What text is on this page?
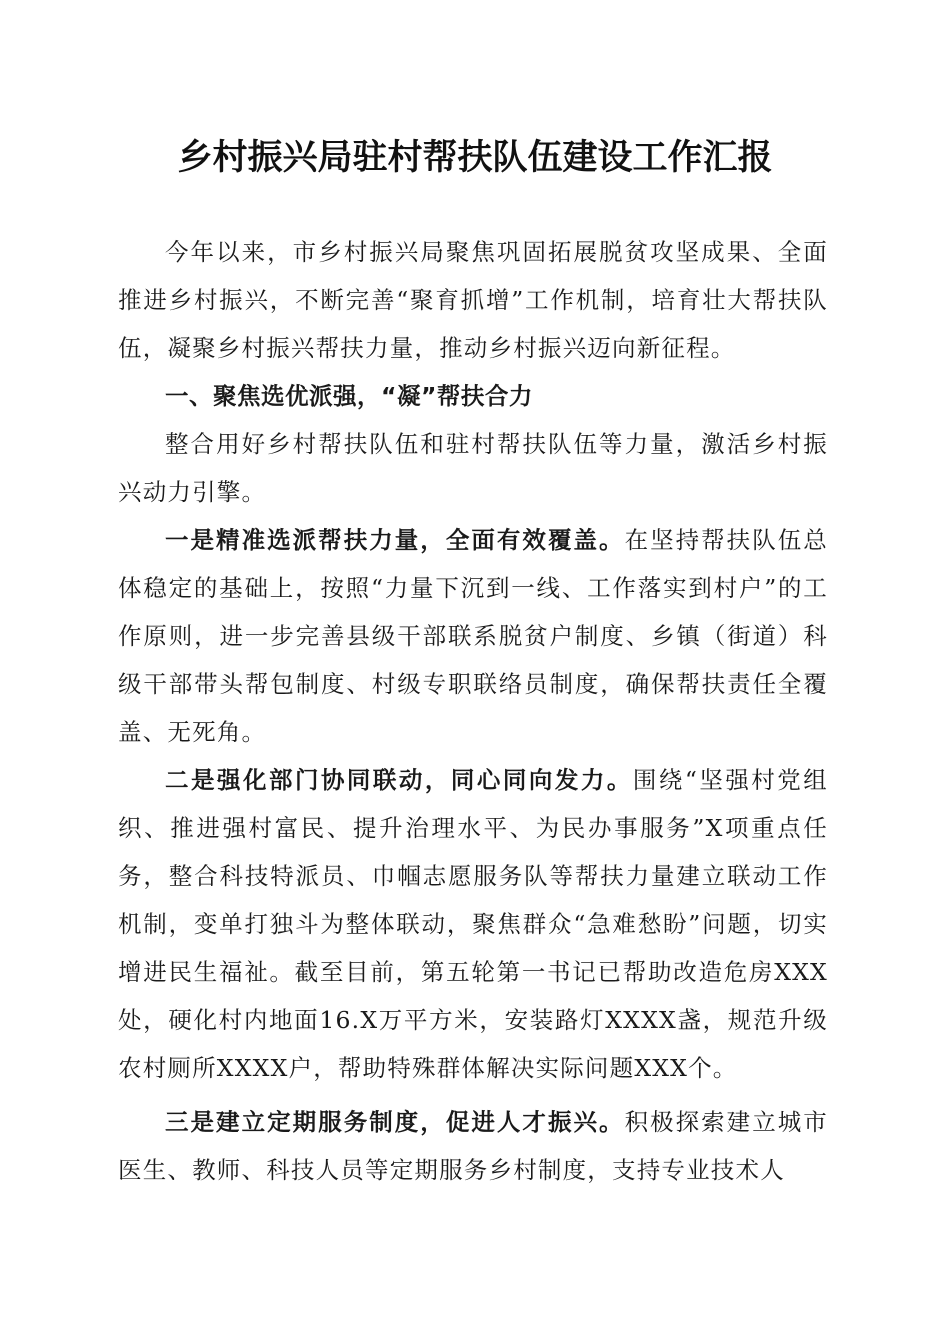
乡村振兴局驻村帮扶队伍建设工作汇报

今年以来，市乡村振兴局聚焦巩固拓展脱贫攻坚成果、全面推进乡村振兴，不断完善“聚育抓增”工作机制，培育壮大帮扶队伍，凝聚乡村振兴帮扶力量，推动乡村振兴迈向新征程。

一、聚焦选优派强，“凝”帮扶合力

整合用好乡村帮扶队伍和驻村帮扶队伍等力量，激活乡村振兴动力引擎。

一是精准选派帮扶力量，全面有效覆盖。在坚持帮扶队伍总体稳定的基础上，按照“力量下沉到一线、工作落实到村户”的工作原则，进一步完善县级干部联系脱贫户制度、乡镇（街道）科级干部带头帮包制度、村级专职联络员制度，确保帮扶责任全覆盖、无死角。

二是强化部门协同联动，同心同向发力。围绕“坚强村党组织、推进强村富民、提升治理水平、为民办事服务”X项重点任务，整合科技特派员、巾帼志愿服务队等帮扶力量建立联动工作机制，变单打独斗为整体联动，聚焦群众“急难愁盼”问题，切实增进民生福祉。截至目前，第五轮第一书记已帮助改造危房XXX处，硬化村内地面16.X万平方米，安装路灯XXXX盏，规范升级农村厕所XXXX户，帮助特殊群体解决实际问题XXX个。

三是建立定期服务制度，促进人才振兴。积极探索建立城市医生、教师、科技人员等定期服务乡村制度，支持专业技术人
